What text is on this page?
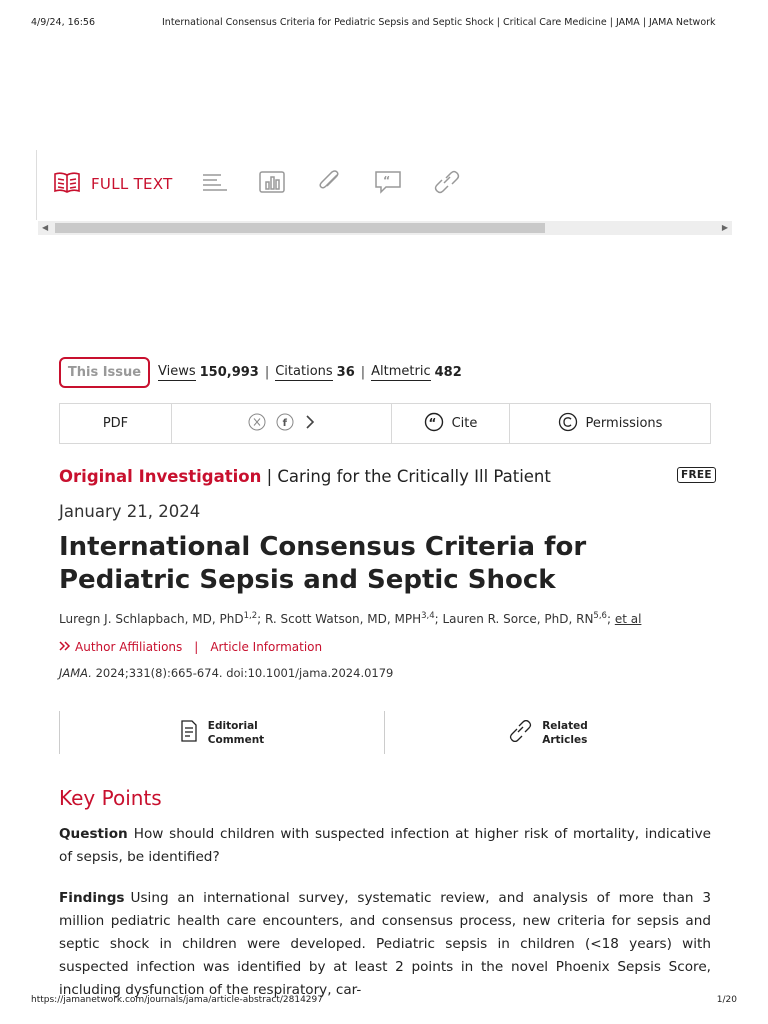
4/9/24, 16:56	International Consensus Criteria for Pediatric Sepsis and Septic Shock | Critical Care Medicine | JAMA | JAMA Network
FULL TEXT	“
◀	▶
This Issue	Views 150,993 | Citations 36 | Altmetric 482
PDF	f	“ Cite	Permissions
Original Investigation | Caring for the Critically Ill Patient	FREE
January 21, 2024
International Consensus Criteria for Pediatric Sepsis and Septic Shock
Luregn J. Schlapbach, MD, PhD$^{1,2}$; R. Scott Watson, MD, MPH$^{3,4}$; Lauren R. Sorce, PhD, RN$^{5,6}$; et al
Author Affiliations | Article Information
JAMA. 2024;331(8):665-674. doi:10.1001/jama.2024.0179
Editorial
Comment
Related
Articles
Key Points

Question How should children with suspected infection at higher risk of mortality, indicative of sepsis, be identified?

Findings Using an international survey, systematic review, and analysis of more than 3 million pediatric health care encounters, and consensus process, new criteria for sepsis and septic shock in children were developed. Pediatric sepsis in children (<18 years) with suspected infection was identified by at least 2 points in the novel Phoenix Sepsis Score, including dysfunction of the respiratory, car-

https://jamanetwork.com/journals/jama/article-abstract/2814297	1/20
